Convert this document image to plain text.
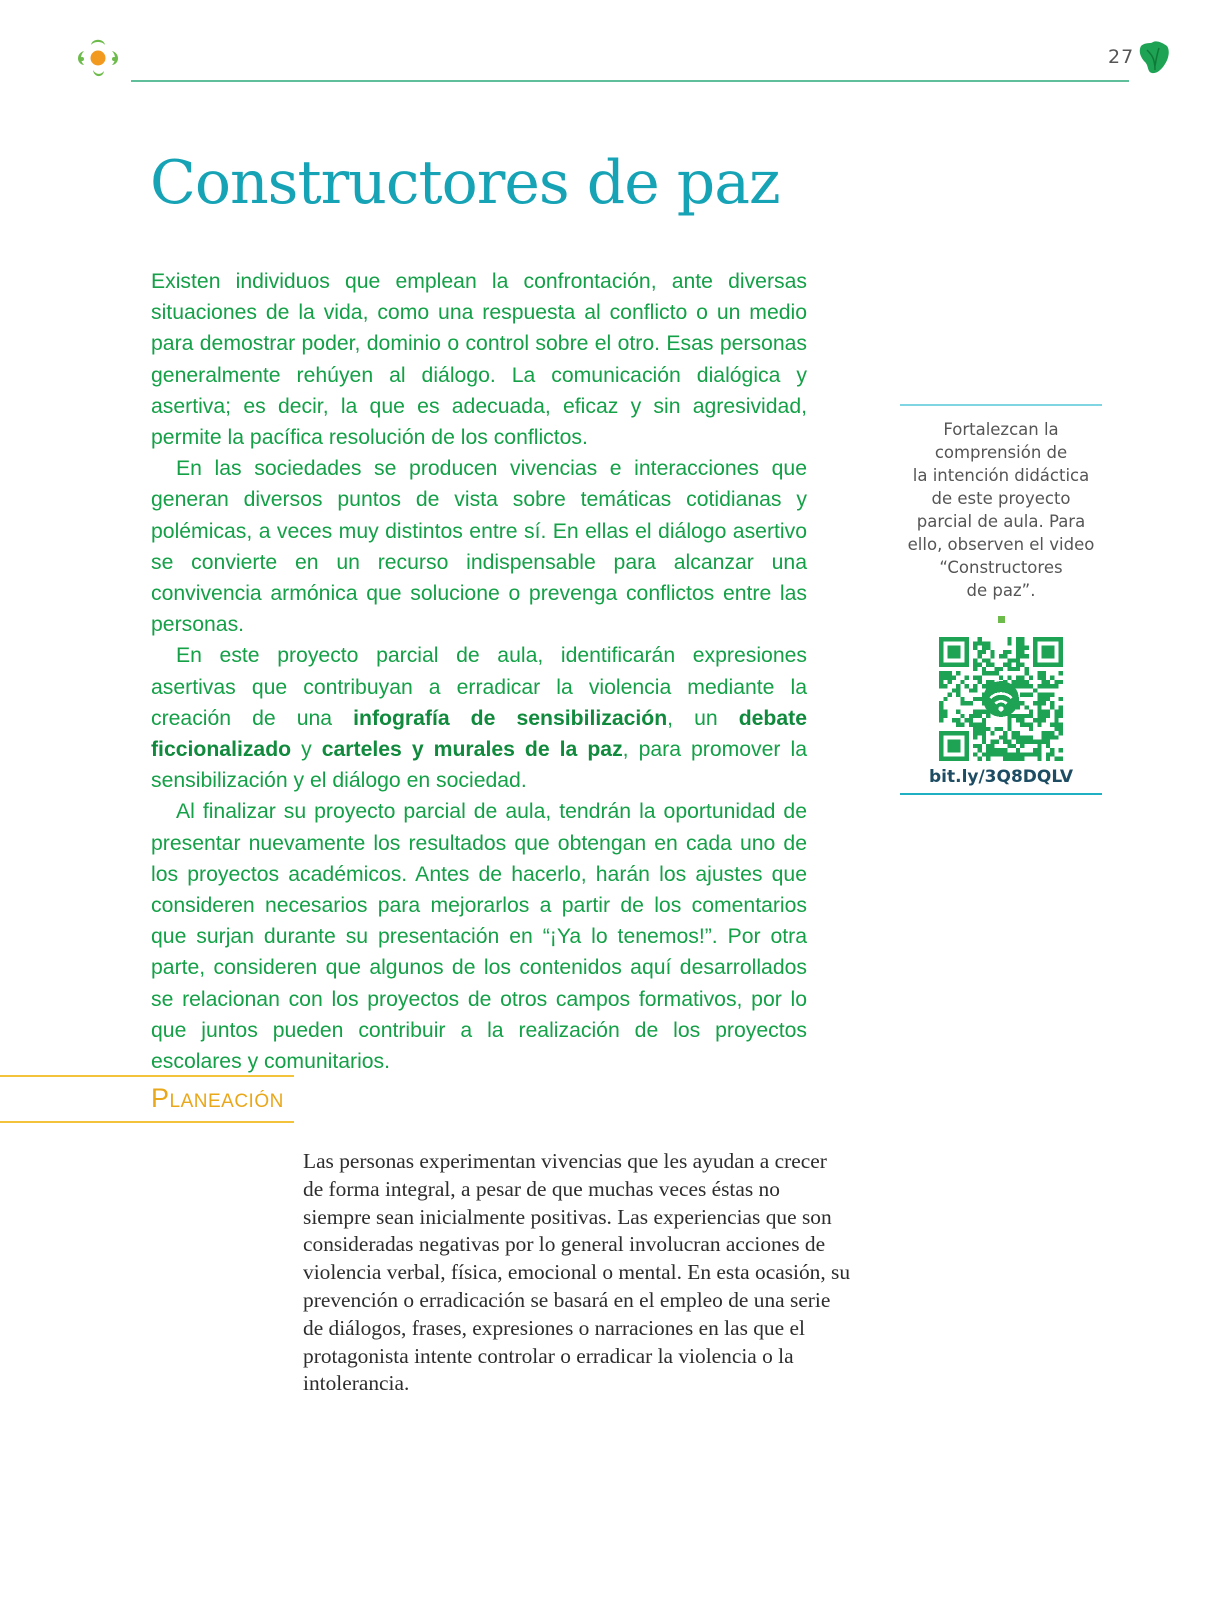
27
Constructores de paz

Existen individuos que emplean la confrontación, ante diversas situaciones de la vida, como una respuesta al conflicto o un medio para demostrar poder, dominio o control sobre el otro. Esas personas generalmente rehúyen al diálogo. La comunicación dialógica y asertiva; es decir, la que es adecuada, eficaz y sin agresividad, permite la pacífica resolución de los conflictos.

En las sociedades se producen vivencias e interacciones que generan diversos puntos de vista sobre temáticas cotidianas y polémicas, a veces muy distintos entre sí. En ellas el diálogo asertivo se convierte en un recurso indispensable para alcanzar una convivencia armónica que solucione o prevenga conflictos entre las personas.

En este proyecto parcial de aula, identificarán expresiones asertivas que contribuyan a erradicar la violencia mediante la creación de una infografía de sensibilización, un debate ficcionalizado y carteles y murales de la paz, para promover la sensibilización y el diálogo en sociedad.

Al finalizar su proyecto parcial de aula, tendrán la oportunidad de presentar nuevamente los resultados que obtengan en cada uno de los proyectos académicos. Antes de hacerlo, harán los ajustes que consideren necesarios para mejorarlos a partir de los comentarios que surjan durante su presentación en “¡Ya lo tenemos!”. Por otra parte, consideren que algunos de los contenidos aquí desarrollados se relacionan con los proyectos de otros campos formativos, por lo que juntos pueden contribuir a la realización de los proyectos escolares y comunitarios.

Fortalezcan la
comprensión de
la intención didáctica
de este proyecto
parcial de aula. Para
ello, observen el video
“Constructores
de paz”.

bit.ly/3Q8DQLV
Planeación

Las personas experimentan vivencias que les ayudan a crecer de forma integral, a pesar de que muchas veces éstas no siempre sean inicialmente positivas. Las experiencias que son consideradas negativas por lo general involucran acciones de violencia verbal, física, emocional o mental. En esta ocasión, su prevención o erradicación se basará en el empleo de una serie de diálogos, frases, expresiones o narraciones en las que el protagonista intente controlar o erradicar la violencia o la intolerancia.
